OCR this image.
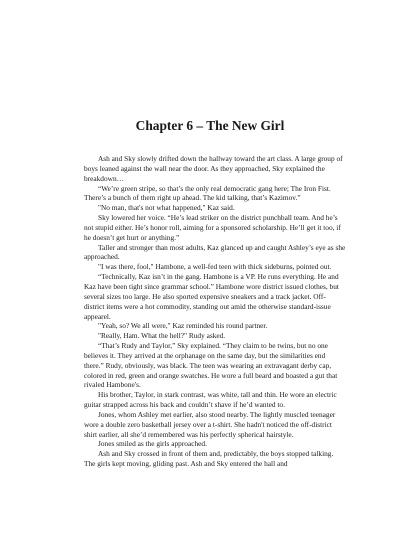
Chapter 6 – The New Girl

Ash and Sky slowly drifted down the hallway toward the art class. A large group of boys leaned against the wall near the door. As they approached, Sky explained the breakdown…

“We’re green stripe, so that’s the only real democratic gang here; The Iron Fist. There’s a bunch of them right up ahead. The kid talking, that’s Kazimov.”

"No man, that's not what happened," Kaz said.

Sky lowered her voice. “He’s lead striker on the district punchball team. And he’s not stupid either. He’s honor roll, aiming for a sponsored scholarship. He’ll get it too, if he doesn’t get hurt or anything.”

Taller and stronger than most adults, Kaz glanced up and caught Ashley’s eye as she approached.

"I was there, fool," Hambone, a well-fed teen with thick sideburns, pointed out.

“Technically, Kaz isn’t in the gang. Hambone is a VP. He runs everything. He and Kaz have been tight since grammar school.” Hambone wore district issued clothes, but several sizes too large. He also sported expensive sneakers and a track jacket. Off-district items were a hot commodity, standing out amid the otherwise standard-issue appearel.

"Yeah, so? We all were," Kaz reminded his round partner.

"Really, Ham. What the hell?" Rudy asked.

“That’s Rudy and Taylor,” Sky explained. “They claim to be twins, but no one believes it. They arrived at the orphanage on the same day, but the similarities end there.” Rudy, obviously, was black. The teen was wearing an extravagant derby cap, colored in red, green and orange swatches. He wore a full beard and boasted a gut that rivaled Hambone's.

His brother, Taylor, in stark contrast, was white, tall and thin. He wore an electric guitar strapped across his back and couldn’t shave if he’d wanted to.

Jones, whom Ashley met earlier, also stood nearby. The lightly muscled teenager wore a double zero basketball jersey over a t-shirt. She hadn't noticed the off-district shirt earlier, all she’d remembered was his perfectly spherical hairstyle.

Jones smiled as the girls approached.

Ash and Sky crossed in front of them and, predictably, the boys stopped talking. The girls kept moving, gliding past. Ash and Sky entered the hall and
